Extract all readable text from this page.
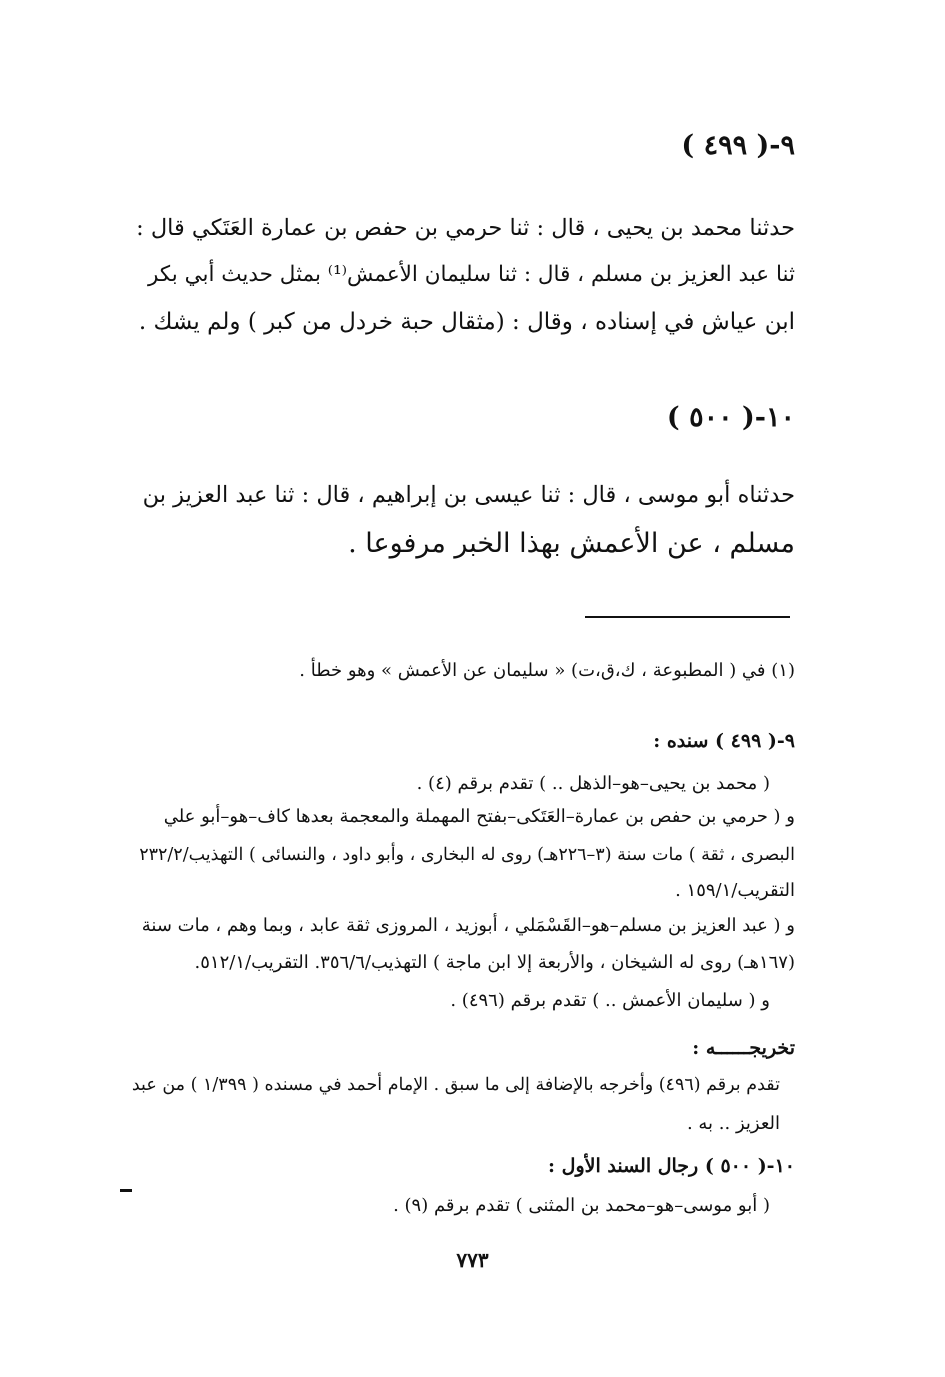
٩-( ٤٩٩ )
حدثنا محمد بن يحيى ، قال : ثنا حرمي بن حفص بن عمارة العَتَكي قال :
ثنا عبد العزيز بن مسلم ، قال : ثنا سليمان الأعمش⁽¹⁾ بمثل حديث أبي بكر
ابن عياش في إسناده ، وقال : (مثقال حبة خردل من كبر ) ولم يشك .
١٠-( ٥٠٠ )
حدثناه أبو موسى ، قال : ثنا عيسى بن إبراهيم ، قال : ثنا عبد العزيز بن
مسلم ، عن الأعمش بهذا الخبر مرفوعا .
(١) في ( المطبوعة ، ك،ق،ت) « سليمان عن الأعمش » وهو خطأ .
٩-( ٤٩٩ ) سنده :
( محمد بن يحيى–هو–الذهل .. ) تقدم برقم (٤) .
و ( حرمي بن حفص بن عمارة–العَتَكى–بفتح المهملة والمعجمة بعدها كاف–هو–أبو علي
البصرى ، ثقة ) مات سنة (٣–٢٢٦هـ) روى له البخارى ، وأبو داود ، والنسائى ) التهذيب/٢٣٢/٢
التقريب/١٥٩/١ .
و ( عبد العزيز بن مسلم–هو–القَسْمَلي ، أبوزيد ، المروزى ثقة عابد ، وبما وهم ، مات سنة
(١٦٧هـ) روى له الشيخان ، والأربعة إلا ابن ماجة ) التهذيب/٣٥٦/٦. التقريب/٥١٢/١.
و ( سليمان الأعمش .. ) تقدم برقم (٤٩٦) .
تخريجــــــه :
تقدم برقم (٤٩٦) وأخرجه بالإضافة إلى ما سبق . الإمام أحمد في مسنده ( ١/٣٩٩ ) من عبد
العزيز .. به .
١٠-( ٥٠٠ ) رجال السند الأول :
( أبو موسى–هو–محمد بن المثنى ) تقدم برقم (٩) .
٧٧٣
